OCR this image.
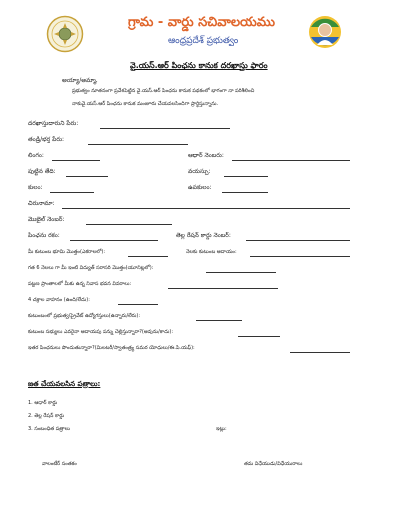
గ్రామ - వార్డు సచివాలయము
ఆంధ్రప్రదేశ్ ప్రభుత్వం
వై.యస్.ఆర్ పింఛను కానుక దరఖాస్తు ఫారం
అయ్యా/అమ్మా,
ప్రభుత్వం నూతనంగా ప్రవేశపెట్టిన వై.యస్.ఆర్ పింఛను కానుక పథకంలో భాగంగా నా పరిశీలించి
నాకువై.యస్.ఆర్ పింఛను కానుక మంజూరు చేయవలసిందిగా ప్రార్థిస్తున్నాను.
దరఖాస్తుదారుని పేరు:
తండ్రి/భర్త పేరు:
లింగం:	ఆధార్ నెంబరు:
పుట్టిన తేది:	వయస్సు:
కులం:	ఉపకులం:
చిరునామా:
మొబైల్ నెంబర్:
పింఛను రకం:	తెల్ల రేషన్ కార్డు నెంబర్:
మీ కుటుంబ భూమి మొత్తం(ఎకరాలలో):	నెలకు కుటుంబ ఆదాయం:
గత 6 నెలలు గా మీ ఇంటి విద్యుత్ సరాసరి మొత్తం(యూనిట్లలో):
పట్టణ ప్రాంతాలలో మీకు ఉన్న నివాస భవన వివరాలు:
4 చక్రాల వాహనం (ఉంది/లేదు):
కుటుంబంలో ప్రభుత్వ/ప్రైవేట్ ఉద్యోగస్తులు(ఉన్నారు/లేరు):
కుటుంబ సభ్యులు ఎవరైనా ఆదాయపు పన్ను చెల్లిస్తున్నారా?(అవును/కాదు):
ఇతర పింఛనులు పొందుతున్నారా?(మిలటరీ/స్వాతంత్ర్య సమర యోధులు/ఈ.పి.యఫ్):
జత చేయవలసిన పత్రాలు:
1. ఆధార్ కార్డు
2. తెల్ల రేషన్ కార్డు
3. సంబంధిత పత్రాలు	ఇట్లు:
వాలంటీర్ సంతకం	తమ విధేయుడు/విధేయురాలు
